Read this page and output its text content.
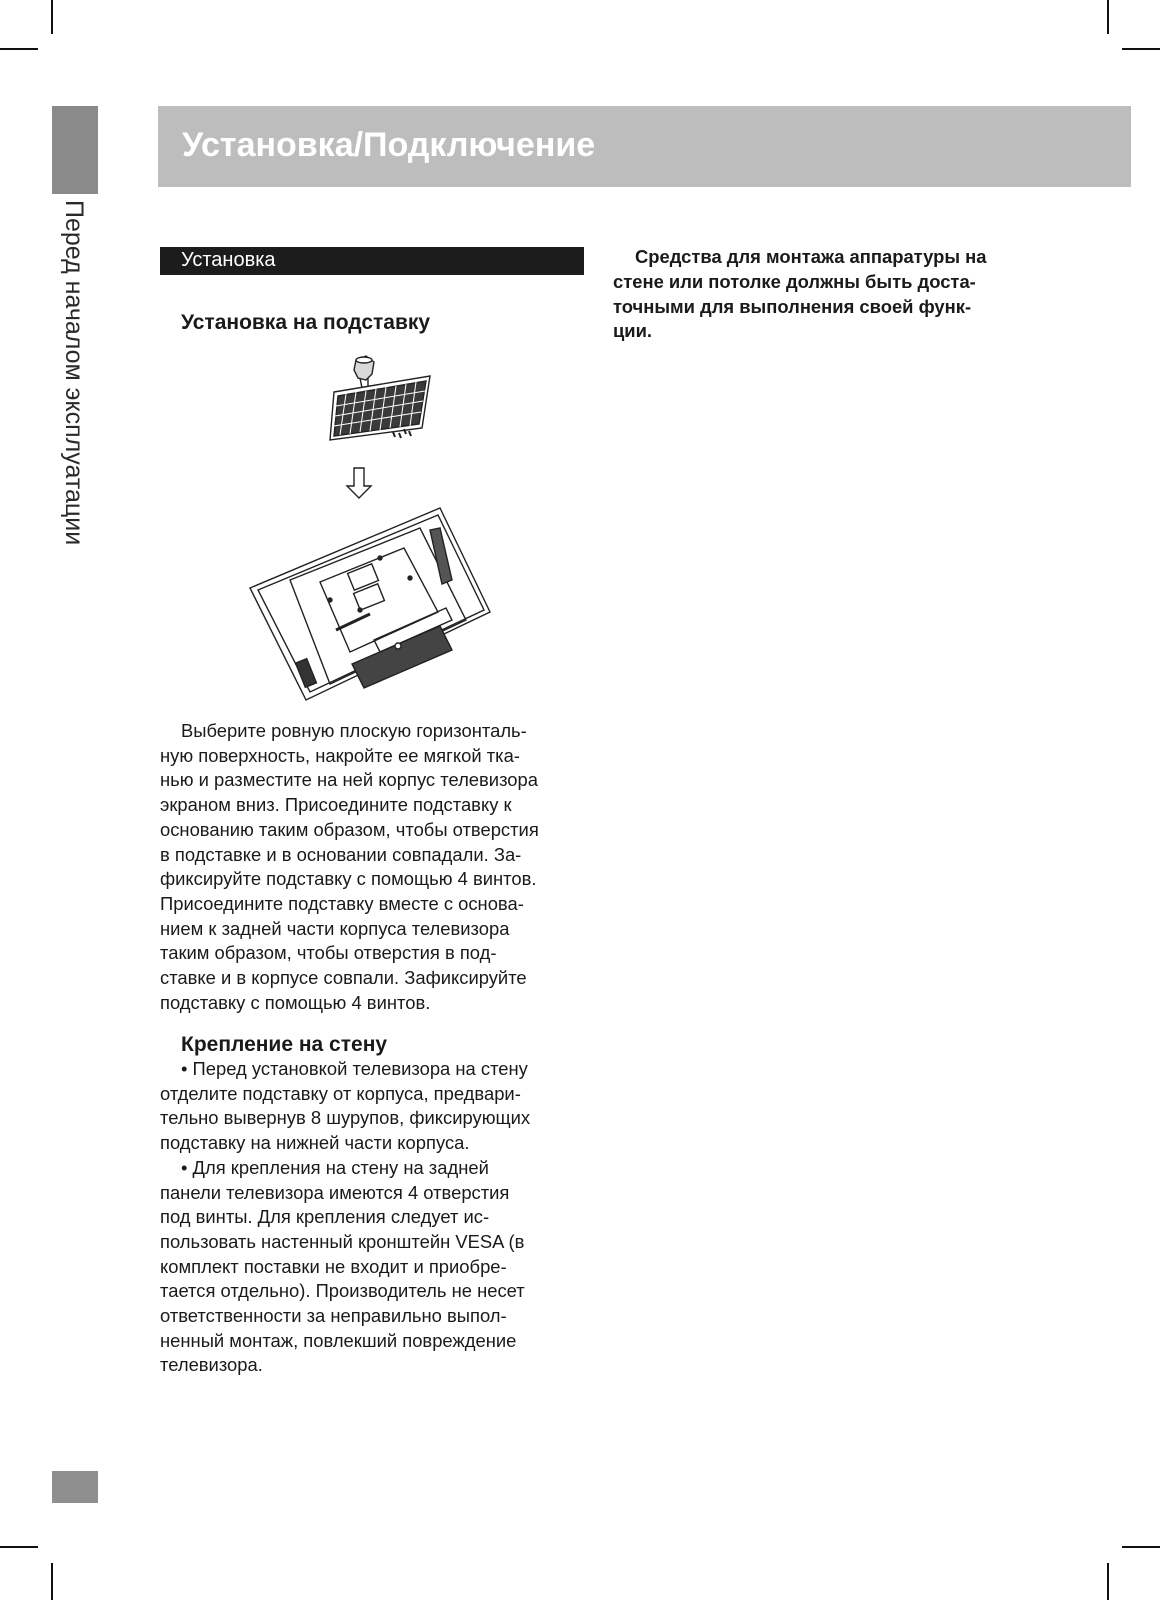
Перед началом эксплуатации
Установка/Подключение
Установка
Установка на подставку
Выберите ровную плоскую горизонталь-
ную поверхность, накройте ее мягкой тка-
нью и разместите на ней корпус телевизора
экраном вниз. Присоедините подставку к
основанию таким образом, чтобы отверстия
в подставке и в основании совпадали. За-
фиксируйте подставку с помощью 4 винтов.
Присоедините подставку вместе с основа-
нием к задней части корпуса телевизора
таким образом, чтобы отверстия в под-
ставке и в корпусе совпали. Зафиксируйте
подставку с помощью 4 винтов.
Крепление на стену
• Перед установкой телевизора на стену
отделите подставку от корпуса, предвари-
тельно вывернув 8 шурупов, фиксирующих
подставку на нижней части корпуса.
• Для крепления на стену на задней
панели телевизора имеются 4 отверстия
под винты. Для крепления следует ис-
пользовать настенный кронштейн VESA (в
комплект поставки не входит и приобре-
тается отдельно). Производитель не несет
ответственности за неправильно выпол-
ненный монтаж, повлекший повреждение
телевизора.
Средства для монтажа аппаратуры на
стене или потолке должны быть доста-
точными для выполнения своей функ-
ции.
